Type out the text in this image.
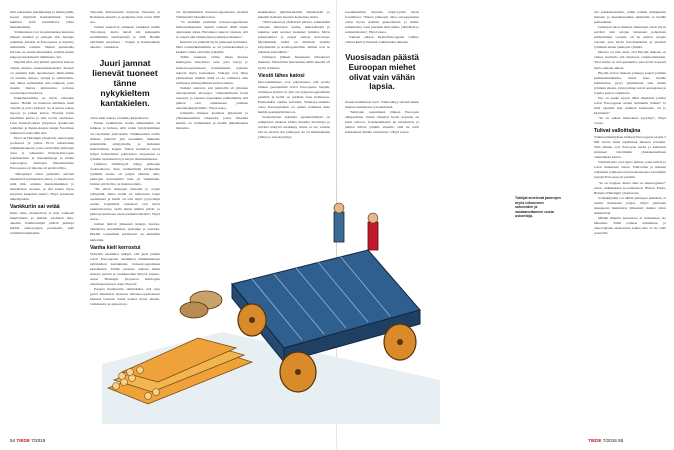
lella rakennetut haudakumpu ja niiden päälle kootut näyttävät haudakummut. Useiti kummut vielä kerrallittava ylisin hautameriksin.

Valtakunnan ovat vuosituhansien kuluessa jääneet meinien ja peltojen alle, haudoja tutkeman joitakin ni Euroopassa ja käytetty mainituille toheilta. Niiden perusteella kaivaus on saanut mineisäksi, vesiläis kielen kuppoja merkitsevät tutkimusta. Isä.

Näyttää siltä, että jamnat ajatelivat haavaa vainen muusta rakennusinstalseksi. Kuopat on asuitettu kuin lepohuoneet: läkki-niillen on aseteltu matoja, työnpä ja sainiuutettu. Sen näkee esimerkiksi niin tarkkaan, joten moniin muista kulttuurista pollessa tavoitettujen haudoista.

Pokkahaudoillen on myös vainajien asento. Heidät on haudattu selälleen, käsit vierellä ja polvi yhdessä. Se ei kuvaa taakse lepoon, ja jatkuu kertaa. Yleensä ivattu maailman kertaa ja sille tavoin asettaneet. Usea Pennsylvanian yliopiston ajankuvaan johdemat ja Keski-Aasian tutkija Fereidoun tulkitsevat asian näin että.

Heyd on Helsingin yliopiston arkeologian professori ja johtaa EU:n rahoittaman tutkimushanketta, jossa selvitetään jamnojen tuloa ja vaikutusta Pohjois-Euroopan rautakaudella ja hautakumpuja ja niiden arkeologiaa. Jamnojen ilmaantuminen Euroopassa eri aikoina oli epätavallista.

"Jalkapohjat olivat jamnoille selvästi merkittävä kulttuurinen piirre, ja huomioivat niitä mm. eräiden muistomerkkien ja hautakivien tasoissa, ja sitä kautta myös kuopissa keskeistä tutkia", Heyd perustelee näkemystään.

Vankkuriin sai vetää

Kuka tulee, matkustavat ja kävi vaikeasti muuttamatta ja maiden toisilleen maa-alueilla. Kielitieteilijät pitävät jamnoja heidän arkeologisen perusteella sekä ryhmänä kuljettajina.

Tripolien kulttuuripiiri nykyisen Ukrainan ja Romanian alueella ja ajankohta noin vuosi 3500 eaa.

Jamnat saattoivat omaksua vankkurit tämän Tripoljesta, mutta heistä tuli kulkupelin ensimmäisiä suurkäyttäjiä ja niitä. Heidän elävimpiä tuoteitaan – Volgan ja Kaukasuksen alueilla – vankkuria.

Juuri jamnat lienevät tuoneet tänne nykykieltem kantakielen.

olivat kuin lautoja vaunuilla kuljetettavat.

Ennen vankkureita aroilla liikkuminen oli ruhkeaa ja hidasta, sillä veden hyödyntäminen oli rajoittunut jokivarsille. Vankkureiden avulla ihmiset pääsivät yhä useammin liikkeelle pidemmille etäisyyksille, ja laidunten mahdollisuus laajeni. Siihen kuuluivat myös lyhyet kohtaamiset jokivarsien suojaisessa ja ryhmän ruokahuollon ja karjan laiduntamisessa.

Liikkuva elämäntyyli näkyy jamnojen ruokavaliossa. Kun vanhemmilla kivikauden ryhmillä aroilla oli paljon eläinten luita, jamnojen kaivauksilla luita on vähemmän. Jamnat söivät liha- ja maitotuotteita.

"He elivät laaksojen rinnoilla ja arojen ylängöillä, mutta heillä oli hallussaan laajat asuinalueet ja heillä oli toki myös pysyvämpi asutus. Laajimmat vaikutteet ovat myös tunnistettavissa siellä missä lehmät elävät, ja jamnoja kutsutaan usein paimentolaisiksi", Heyd sanoo.

Jamnat jättivät jälkeensä hiekoja hautoja, taidekuvia, keramiikkaa, työkaluja ja vaatteita. Heidän sosiaalinen perintönsä on kuitenkin heikompi.

Vanha kieli kerrostui

Nykyään useimmat tutkijat, että juuri jamnat toivat Eurooppaan useimpien tämänhetkisten nykykielten kantakielen, indoeurooppalaisen kantakielen. Tämän puolesta todistaa muun muassa pyörän ja vankkureiden liittyvä sanasto, sanoo Helsingin yliopiston indologian emeritusprofessori Asko Parpola.

Parpola huomauttaa esimerkiksi, että sana pyörä muistuttaa monessa indoeurooppalaisessa kielessä toisiaan. Sama koskee myös akselia, vankkureita ja ajoneuvoja.

vat myöhemmissä indoeurooppalaisissa kielissä Välimereltä Skandinaviaan.

"Jo aiemmin tiesimme indoeurooppalaisten kieltensukupuusta sijainti vaiheen 3000 ennen ajanlaskun alkua. Havainnot tukevat toisiaan, että se saapui niin nimenomaan jamnojen mukana."

Kielestä voi päätellä myös jamnojen kulttuuria. Mitä todennäköisimmin se oli patriarkaalinen ja keskitti vallan valtaville johtajille.

Tähän suuntaan viittaa muun muassa kuningasta tarkoittava sana, joka löytyy jo indoeurooppalaisesta kantakielestä. Ajatusta tukevat myös hautaukset. Vainajat ovat lähes yksinomaan miehiä, mikä ei ole vallitseva aina sellaisissa ihmisryhmissä tuohon aikaan.

Tutkijat olettavat, että jamnoilla oli yhteinen uskonnollinen ideologia. "Jamnakulttuuri levisi nopeasti, ja yleensä nopeudesta päättelemme että jamnat ovat omaksuneet yhteisen uskomusjärjestelmän", Heyd sanoo.

Jamnoilla ilmenee kosmista järjestystä ja yhteiskunnallisia rakenteita, joissa tärkeintä kenties on vanhempien ja heidän jälkeläistensä hierarkia.

keskikaisten jumaltarinoiden lähtökohdat ja keksijät sisäisten haavien keskeinen tarina.

"Niitä uskontoja yhdistävät piirteet, esimerkiksi vainajan muistojen asema, muistomerkit ja kunnian sekä sotaiset keskeiset jumalat. Myös jumalolennot ja paljon samoja kerrontoja. Myöhemmin heiltä on lähtöisin ajattelu kirjoituksiin ja kosmogonioihin. Jamnat ovat se yhteinen kantalähde."

Jamnojen jälkeen hautausten mittakaava muuttuu. Vaikuttavin hautausmaa niillä alueilla oli hyvin erilainen.

Viestö lähes katosi

Dna-tutkimukset ovat paljastaneet, että aroilta tulleen geeniperimä levisi Euroopassa laajalle. Jamnojen perimä on yhä osa nykyeurooppalaisten perimää ja heiltä on peräisin noin kolmasosa. Esimerkiksi vanhin selvitetty Yamnaya-aineksia oleva Europpalainen on saman kaltainen kuin heidän geeniperimänsä on.

Suomalaisten kohdalla geeniperimässä on tutkijoiden mukaan itäistä muualla havaittuja ja selvästi näkyviä merkkejä, mutta ei ole varmaa että ne olisivat itse jamnojen. Se on tutkimukselle yllätys ja uusi kysymys.

54 TIEDE 7/2016

Geenitutkimus muuttaa näkyvyyden myös fossiileissa: "Ennen jamnojen tuloa eurooppalaiset olivat hyvin erilaisia geneettisesti, ja melko samanlaisia. Luut jäsennät siitä melko yhtenäisiä ja samankaltaisia", Heyd sanoo.

Samaan aikaan Keski-Eurooppaan vaihtui, vaihtui kieli ja muuttui vaikutteiden mukana.

Vuosisadan päästä Euroopan miehet olivat vain vähän lapsia.

mosen kulttuuriset tavat. Tämä näkyy selvästi muun muassa asumisessa ja hautalöissä.

"Jamnojen saapumisen jälkeen Euroopan alkuperäinen väestö vähentyi hyvin nopeasti eli kuoli ruttoon. Todennäköisesti he tuhoutuivat ja jamnat tulivat tyhjälle alueelle, sillä he eivät kohdanneet mitään vastarintaa", Heyd toteaa.

nin joukkohautoihin, joihin pantiin kumpuisten miesten ja tuntemattomien tekijöiden ja heidän perheidensä.

Jamnojen tulon ilmeiset aiheuttajat olivat myös selvästi vain satojen tuhansien pohjoisten kivikautisten vuosien, eli he asuivat satojen vuosien ajan hyvin harvalukuisina ja pienissä ryhmissä ennen jamnojen ryhmää.

Muutos on niin suuri, että Heydin mukaan on vaikea kuvitella sitä muutosta rauhanomaiseksi. Yksi selitys on ruttopandemia, joka levisi nopeasti myös samaan aikaan.

Heydin arvion mukaan jamnoja saapui joitakin kymmeniätuhansia, mutta koko heidän kulttuurinsa pysyi yhtenäisenä aina niiden ryhmien aikana, joista jamnat saivat seuraajansa ja lopulta paljon vaikutteita.

Nyt on pakko kysyä. Mitä ilmeisesti jamnat toivat Eurooppaan uuden kulttuurin lisäksi? Ja mitä tapahtui kun sisäinen keskustelu oli jo käynnissä?

"Se on selkeä muutoksen kysymys", Heyd vastaa.

Tulivat valloittajina

Vanhan näkemyksen mukaan Eurooppaan saapui 5 000 vuotta sitten tapahtunut miesten sotaretki. Siitä lähtien ovat Euroopan kielet ja kulttuurit levinneet vahvimmin yhteiskunnallisen vaikutuksen kautta.

Väkivaltaisia ovat myös jamnat, jotka tulivat ja toivat mukanaan valtaa. Väkivallan ja miesten johtamien jamnojen uutta hautaustapaa toteutettiin laajasti Euroopan eri puolilla.

"Se on loogiset, mutta onko se arkeologinen?" sanoo tutkimuksen koordinaattori Bianca Preda-Balanica Helsingin yliopistosta.

Sodankäynnin voi nähdä jamnojen keihäistä, ei aseilla mukanaan paljon. Myös jamnojen sukupuolet muuttuivat jälkeensä: miehet olivat merkittäviä.

Mitään ihmettä luettavissa ei kuitenkaan ole lähteisiin. Tämä todistaa tutkimusta, ja arkeologisten aineistoista selkeä tieto ei ole vielä saatavilla.

Tutkijat arvelevat jamnojen myös tuhonneen sotureiden ja vastaanottaneen uusia uskontoja.
TIEDE 7/2016 55
